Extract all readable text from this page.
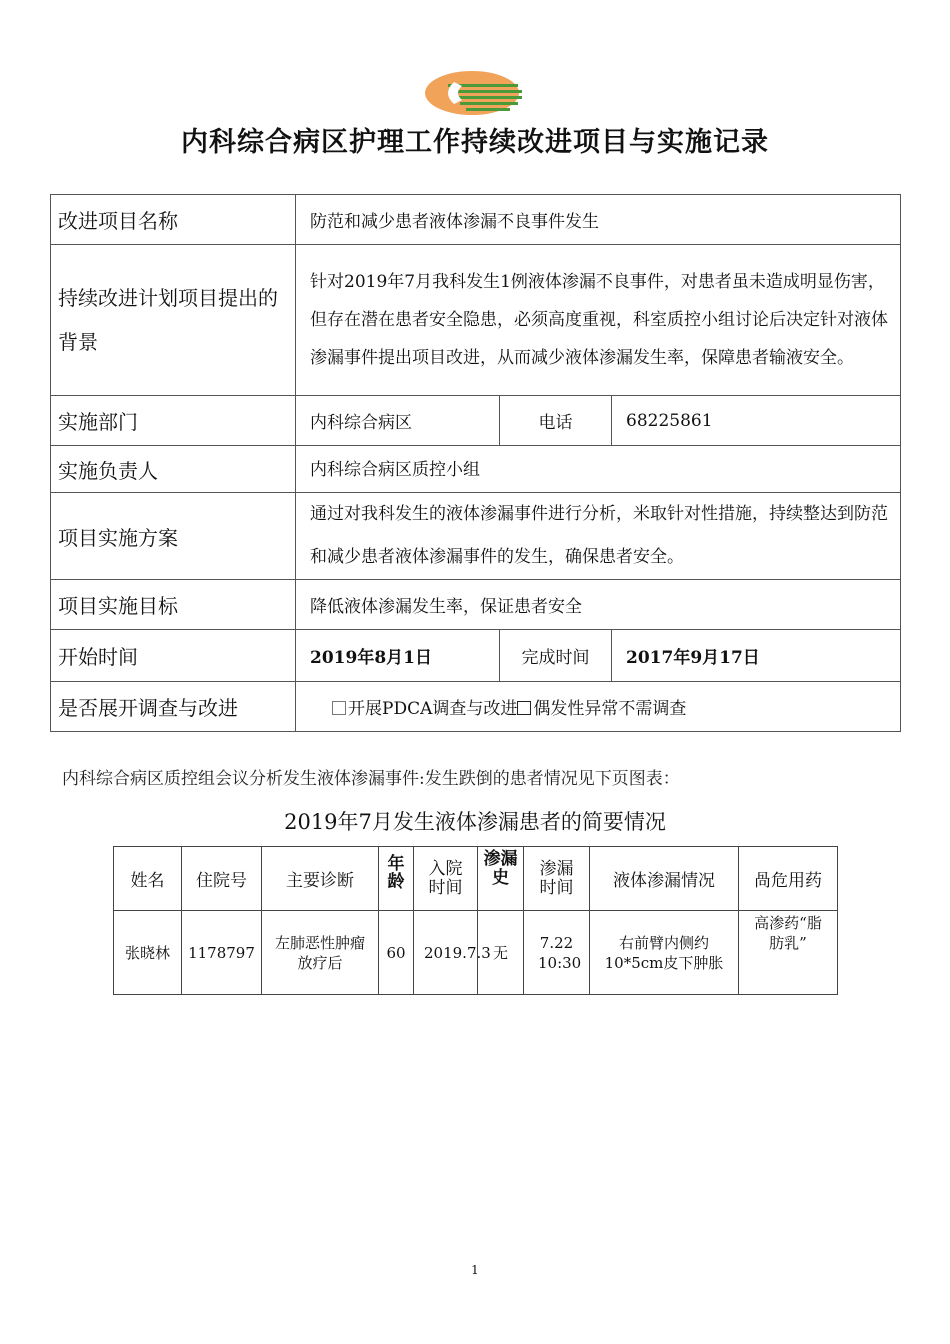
内科综合病区护理工作持续改进项目与实施记录
改进项目名称	防范和减少患者液体渗漏不良事件发生		
持续改进计划项目提出的背景	针对2019年7月我科发生1例液体渗漏不良事件，对患者虽未造成明显伤害，但存在潜在患者安全隐患，必须高度重视，科室质控小组讨论后决定针对液体渗漏事件提出项目改进，从而减少液体渗漏发生率，保障患者输液安全。		

实施部门	内科综合病区	电话	68225861
实施负责人	内科综合病区质控小组		
项目实施方案	通过对我科发生的液体渗漏事件进行分析，米取针对性措施，持续整达到防范和减少患者液体渗漏事件的发生，确保患者安全。		

项目实施目标	降低液体渗漏发生率，保证患者安全		
开始时间	2019年8月1日	完成时间	2017年9月17日
是否展开调查与改进	开展PDCA调查与改进 偶发性异常不需调查		
内科综合病区质控组会议分析发生液体渗漏事件:发生跌倒的患者情况见下页图表：
2019年7月发生液体渗漏患者的简要情况
姓名	住院号	主要诊断	年龄	入院时间	渗漏史	渗漏时间	液体渗漏情况	咼危用药
张晓林	1178797	左肺恶性肿瘤放疗后	60	2019.7.3	无	7.22 10:30	右前臂内侧约10*5cm皮下肿胀	高渗药“脂肪乳”
1
